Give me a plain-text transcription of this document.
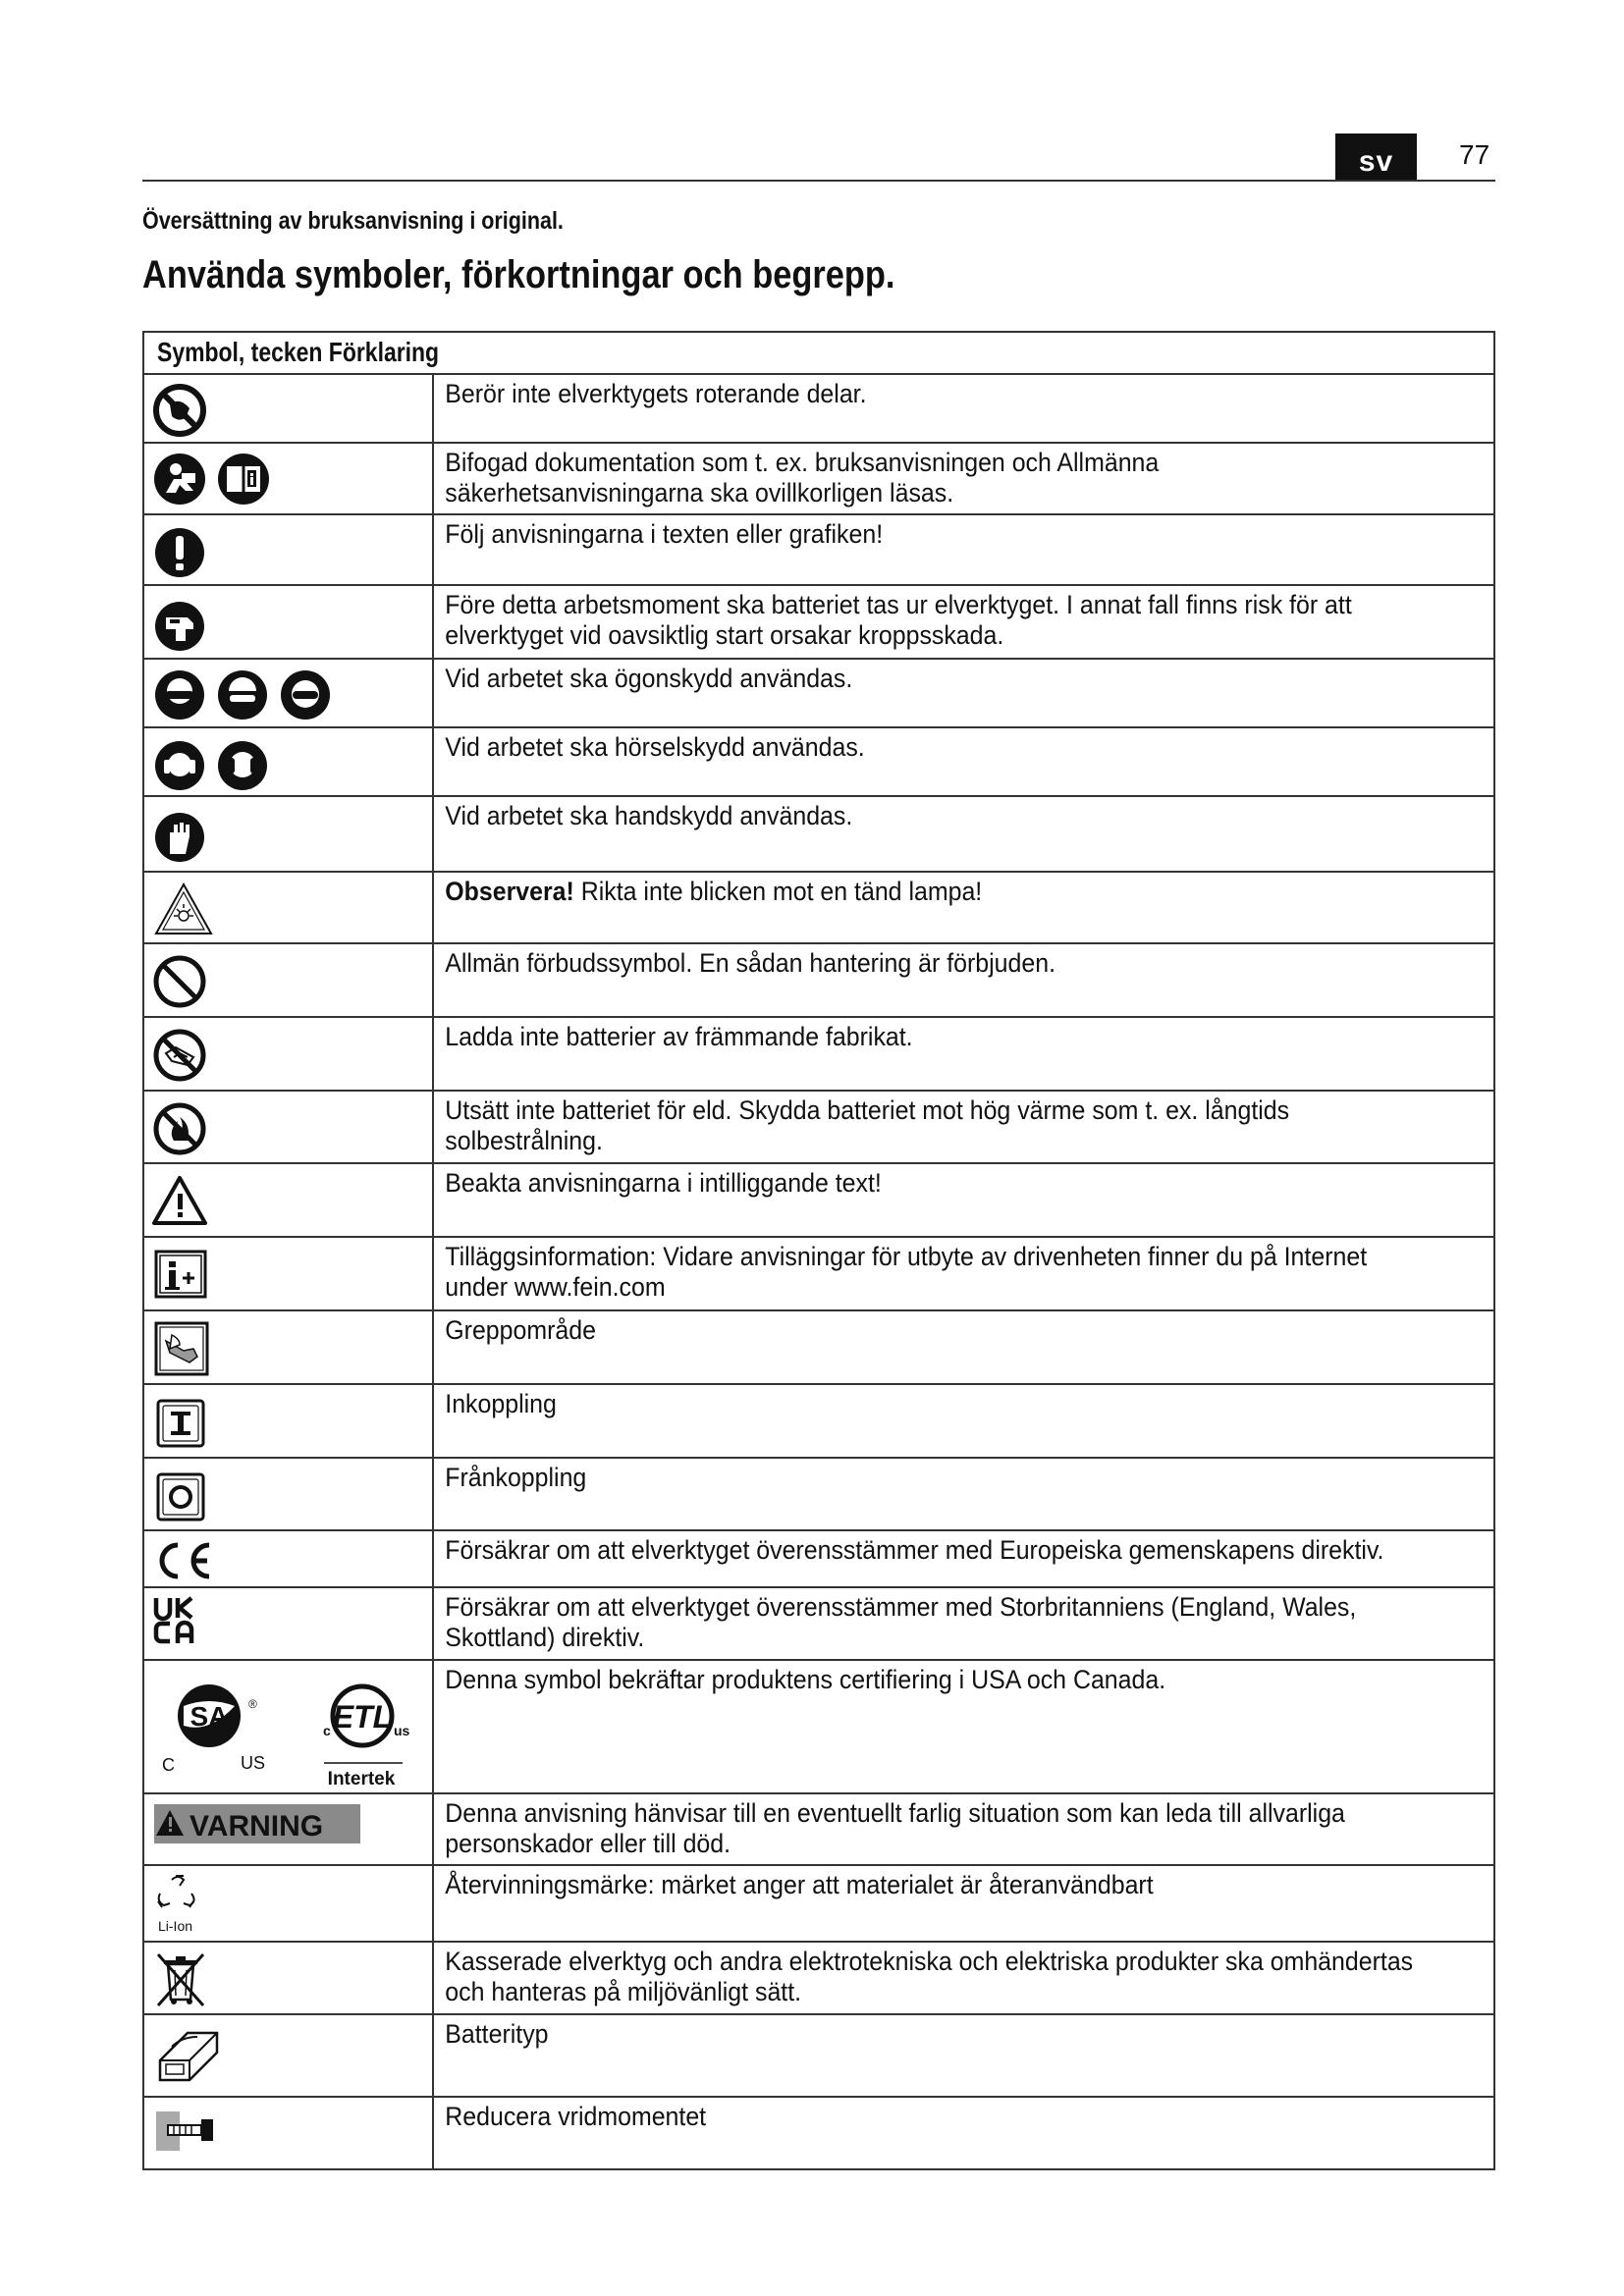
sv	77
Översättning av bruksanvisning i original.
Använda symboler, förkortningar och begrepp.
Symbol, tecken Förklaring
Berör inte elverktygets roterande delar.
Bifogad dokumentation som t. ex. bruksanvisningen och Allmänna säkerhetsanvisningarna ska ovillkorligen läsas.
Följ anvisningarna i texten eller grafiken!
Före detta arbetsmoment ska batteriet tas ur elverktyget. I annat fall finns risk för att elverktyget vid oavsiktlig start orsakar kroppsskada.
Vid arbetet ska ögonskydd användas.
Vid arbetet ska hörselskydd användas.
Vid arbetet ska handskydd användas.
Observera! Rikta inte blicken mot en tänd lampa!
Allmän förbudssymbol. En sådan hantering är förbjuden.
Ladda inte batterier av främmande fabrikat.
Utsätt inte batteriet för eld. Skydda batteriet mot hög värme som t. ex. långtids solbestrålning.
Beakta anvisningarna i intilliggande text!
Tilläggsinformation: Vidare anvisningar för utbyte av drivenheten finner du på Internet under www.fein.com
Greppområde
Inkoppling
Frånkoppling
Försäkrar om att elverktyget överensstämmer med Europeiska gemenskapens direktiv.
Försäkrar om att elverktyget överensstämmer med Storbritanniens (England, Wales, Skottland) direktiv.
SA ®
C	US
ETL
c	us
Intertek
Denna symbol bekräftar produktens certifiering i USA och Canada.
VARNING	Denna anvisning hänvisar till en eventuellt farlig situation som kan leda till allvarliga personskador eller till död.
Li-Ion
Återvinningsmärke: märket anger att materialet är återanvändbart
Kasserade elverktyg och andra elektrotekniska och elektriska produkter ska omhändertas och hanteras på miljövänligt sätt.
Batterityp
Reducera vridmomentet
